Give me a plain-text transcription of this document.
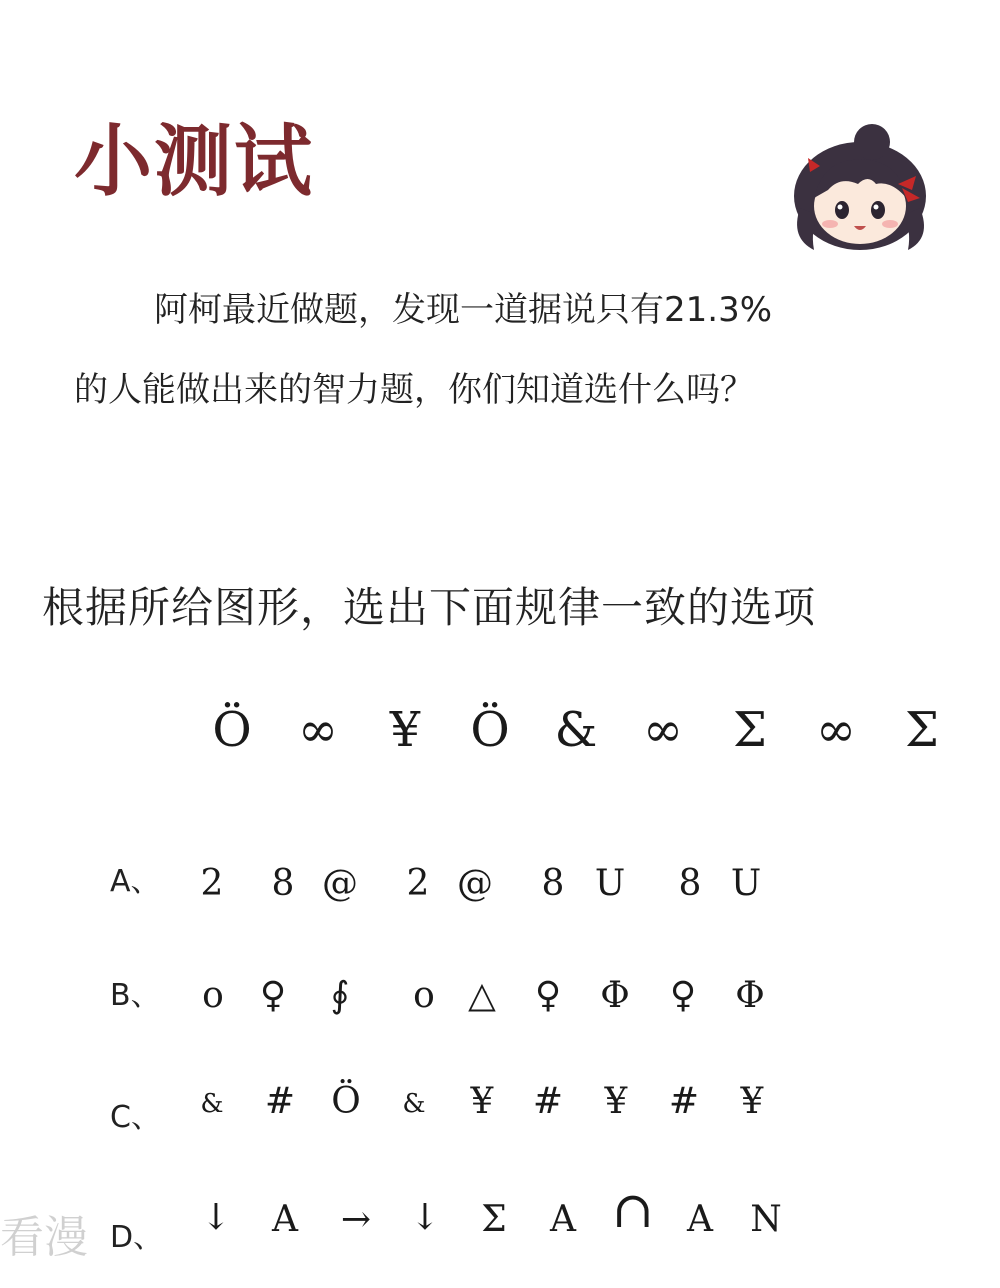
小测试
阿柯最近做题，发现一道据说只有21.3%
的人能做出来的智力题，你们知道选什么吗？
根据所给图形，选出下面规律一致的选项
Ö ∞ ¥ Ö & ∞ Σ ∞ Σ
A、 2 8 @ 2 @ 8 U 8 U
B、 o ♀ ∮ o △ ♀ Φ ♀ Φ
C、 & # Ö & ¥ # ¥ # ¥
D、 ↓ A → ↓ Σ A ∩ A N
看漫
